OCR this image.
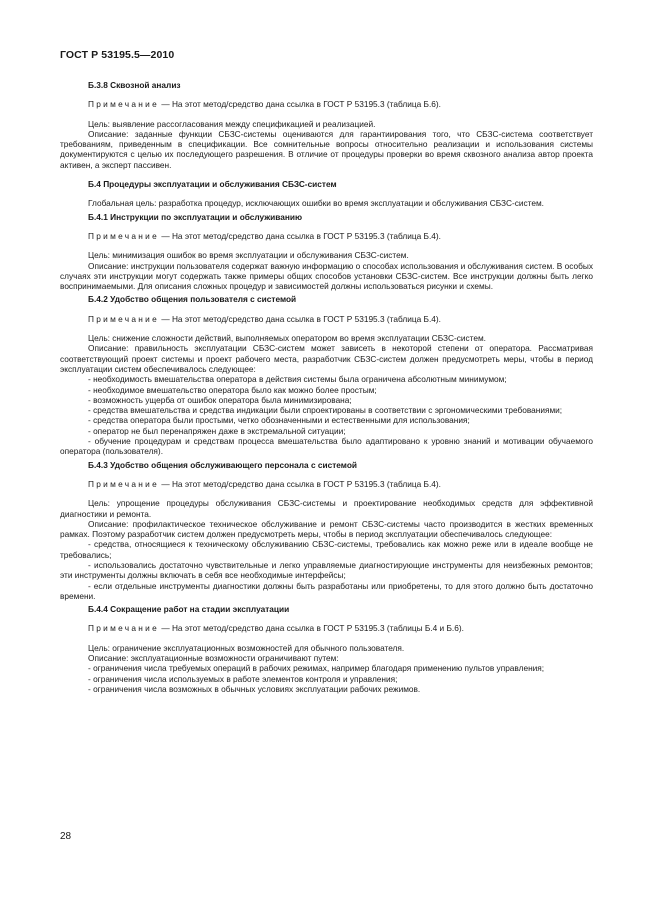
ГОСТ Р 53195.5—2010

Б.3.8 Сквозной анализ

Примечание — На этот метод/средство дана ссылка в ГОСТ Р 53195.3 (таблица Б.6).

Цель: выявление рассогласования между спецификацией и реализацией.

Описание: заданные функции СБЗС-системы оцениваются для гарантиирования того, что СБЗС-система соответствует требованиям, приведенным в спецификации. Все сомнительные вопросы относительно реализации и использования системы документируются с целью их последующего разрешения. В отличие от процедуры проверки во время сквозного анализа автор проекта активен, а эксперт пассивен.

Б.4 Процедуры эксплуатации и обслуживания СБЗС-систем

Глобальная цель: разработка процедур, исключающих ошибки во время эксплуатации и обслуживания СБЗС-систем.

Б.4.1 Инструкции по эксплуатации и обслуживанию

Примечание — На этот метод/средство дана ссылка в ГОСТ Р 53195.3 (таблица Б.4).

Цель: минимизация ошибок во время эксплуатации и обслуживания СБЗС-систем.

Описание: инструкции пользователя содержат важную информацию о способах использования и обслуживания систем. В особых случаях эти инструкции могут содержать также примеры общих способов установки СБЗС-систем. Все инструкции должны быть легко воспринимаемыми. Для описания сложных процедур и зависимостей должны использоваться рисунки и схемы.

Б.4.2 Удобство общения пользователя с системой

Примечание — На этот метод/средство дана ссылка в ГОСТ Р 53195.3 (таблица Б.4).

Цель: снижение сложности действий, выполняемых оператором во время эксплуатации СБЗС-систем.

Описание: правильность эксплуатации СБЗС-систем может зависеть в некоторой степени от оператора. Рассматривая соответствующий проект системы и проект рабочего места, разработчик СБЗС-систем должен предусмотреть меры, чтобы в период эксплуатации систем обеспечивалось следующее:

- необходимость вмешательства оператора в действия системы была ограничена абсолютным минимумом;

- необходимое вмешательство оператора было как можно более простым;

- возможность ущерба от ошибок оператора была минимизирована;

- средства вмешательства и средства индикации были спроектированы в соответствии с эргономическими требованиями;

- средства оператора были простыми, четко обозначенными и естественными для использования;

- оператор не был перенапряжен даже в экстремальной ситуации;

- обучение процедурам и средствам процесса вмешательства было адаптировано к уровню знаний и мотивации обучаемого оператора (пользователя).

Б.4.3 Удобство общения обслуживающего персонала с системой

Примечание — На этот метод/средство дана ссылка в ГОСТ Р 53195.3 (таблица Б.4).

Цель: упрощение процедуры обслуживания СБЗС-системы и проектирование необходимых средств для эффективной диагностики и ремонта.

Описание: профилактическое техническое обслуживание и ремонт СБЗС-системы часто производится в жестких временных рамках. Поэтому разработчик систем должен предусмотреть меры, чтобы в период эксплуатации обеспечивалось следующее:

- средства, относящиеся к техническому обслуживанию СБЗС-системы, требовались как можно реже или в идеале вообще не требовались;

- использовались достаточно чувствительные и легко управляемые диагностирующие инструменты для неизбежных ремонтов; эти инструменты должны включать в себя все необходимые интерфейсы;

- если отдельные инструменты диагностики должны быть разработаны или приобретены, то для этого должно быть достаточно времени.

Б.4.4 Сокращение работ на стадии эксплуатации

Примечание — На этот метод/средство дана ссылка в ГОСТ Р 53195.3 (таблицы Б.4 и Б.6).

Цель: ограничение эксплуатационных возможностей для обычного пользователя.

Описание: эксплуатационные возможности ограничивают путем:

- ограничения числа требуемых операций в рабочих режимах, например благодаря применению пультов управления;

- ограничения числа используемых в работе элементов контроля и управления;

- ограничения числа возможных в обычных условиях эксплуатации рабочих режимов.

28
